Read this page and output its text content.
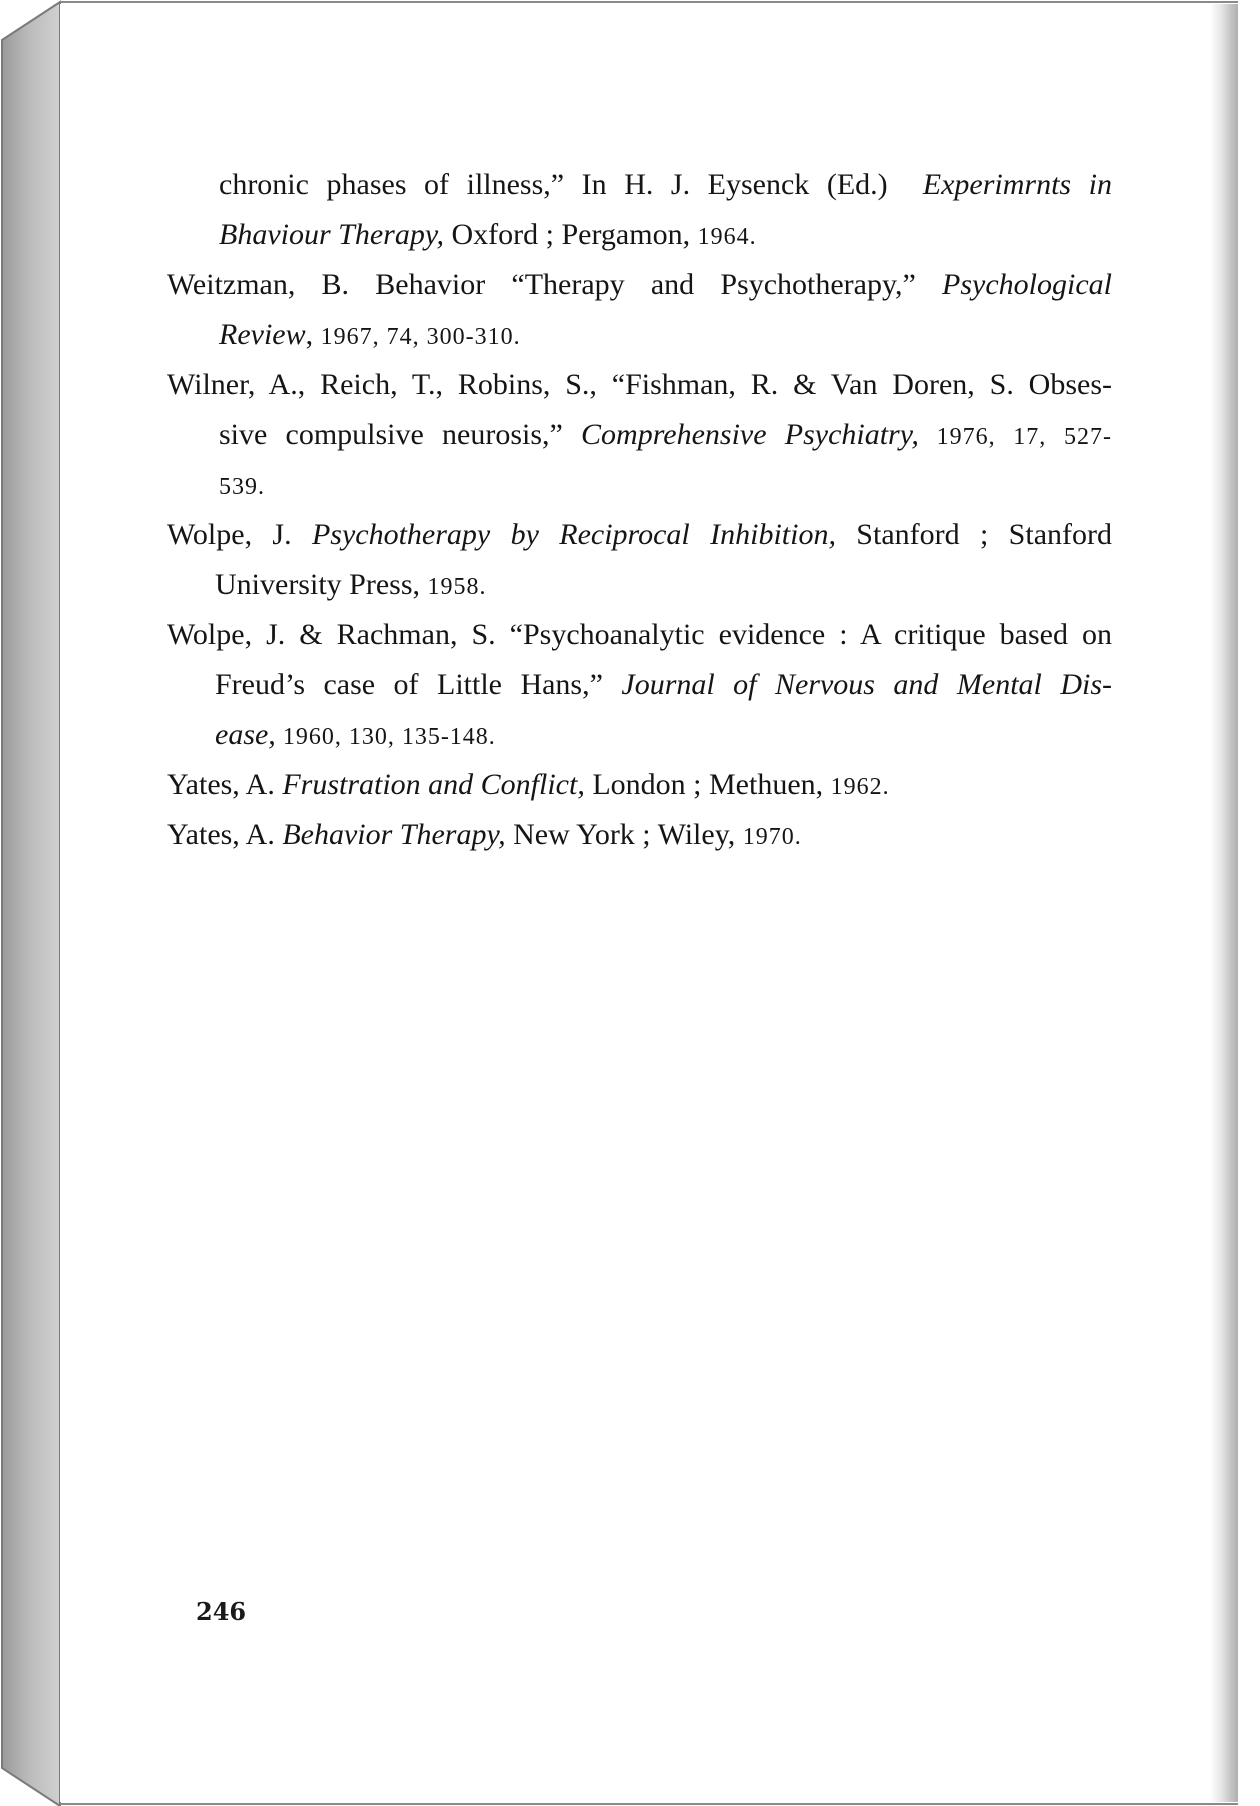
chronic phases of illness,” In H. J. Eysenck (Ed.) Experimrnts in
Bhaviour Therapy, Oxford ; Pergamon, 1964.
Weitzman, B. Behavior “Therapy and Psychotherapy,” Psychological
Review, 1967, 74, 300-310.
Wilner, A., Reich, T., Robins, S., “Fishman, R. & Van Doren, S. Obses-
sive compulsive neurosis,” Comprehensive Psychiatry, 1976, 17, 527-
539.
Wolpe, J. Psychotherapy by Reciprocal Inhibition, Stanford ; Stanford
University Press, 1958.
Wolpe, J. & Rachman, S. “Psychoanalytic evidence : A critique based on
Freud’s case of Little Hans,” Journal of Nervous and Mental Dis-
ease, 1960, 130, 135-148.
Yates, A. Frustration and Conflict, London ; Methuen, 1962.
Yates, A. Behavior Therapy, New York ; Wiley, 1970.
246
